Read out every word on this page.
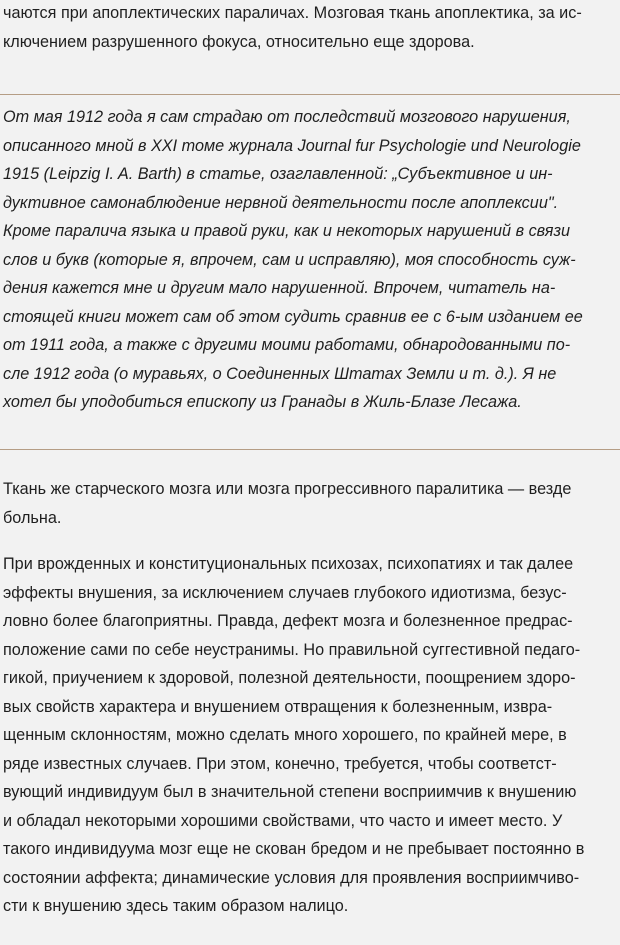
чаются при апоплектических параличах. Мозговая ткань апоплектика, за ис-
ключением разрушенного фокуса, относительно еще здорова.

От мая 1912 года я сам страдаю от последствий мозгового нарушения,
описанного мной в XXI томе журнала Journal fur Psychologie und Neurologie
1915 (Leipzig I. A. Barth) в статье, озаглавленной: „Субъективное и ин-
дуктивное самонаблюдение нервной деятельности после апоплексии".
Кроме паралича языка и правой руки, как и некоторых нарушений в связи
слов и букв (которые я, впрочем, сам и исправляю), моя способность суж-
дения кажется мне и другим мало нарушенной. Впрочем, читатель на-
стоящей книги может сам об этом судить сравнив ее с 6-ым изданием ее
от 1911 года, а также с другими моими работами, обнародованными по-
сле 1912 года (о муравьях, о Соединенных Штатах Земли и т. д.). Я не
хотел бы уподобиться епископу из Гранады в Жиль-Блазе Лесажа.

Ткань же старческого мозга или мозга прогрессивного паралитика — везде
больна.

При врожденных и конституциональных психозах, психопатиях и так далее
эффекты внушения, за исключением случаев глубокого идиотизма, безус-
ловно более благоприятны. Правда, дефект мозга и болезненное предрас-
положение сами по себе неустранимы. Но правильной суггестивной педаго-
гикой, приучением к здоровой, полезной деятельности, поощрением здоро-
вых свойств характера и внушением отвращения к болезненным, извра-
щенным склонностям, можно сделать много хорошего, по крайней мере, в
ряде известных случаев. При этом, конечно, требуется, чтобы соответст-
вующий индивидуум был в значительной степени восприимчив к внушению
и обладал некоторыми хорошими свойствами, что часто и имеет место. У
такого индивидуума мозг еще не скован бредом и не пребывает постоянно в
состоянии аффекта; динамические условия для проявления восприимчиво-
сти к внушению здесь таким образом налицо.
